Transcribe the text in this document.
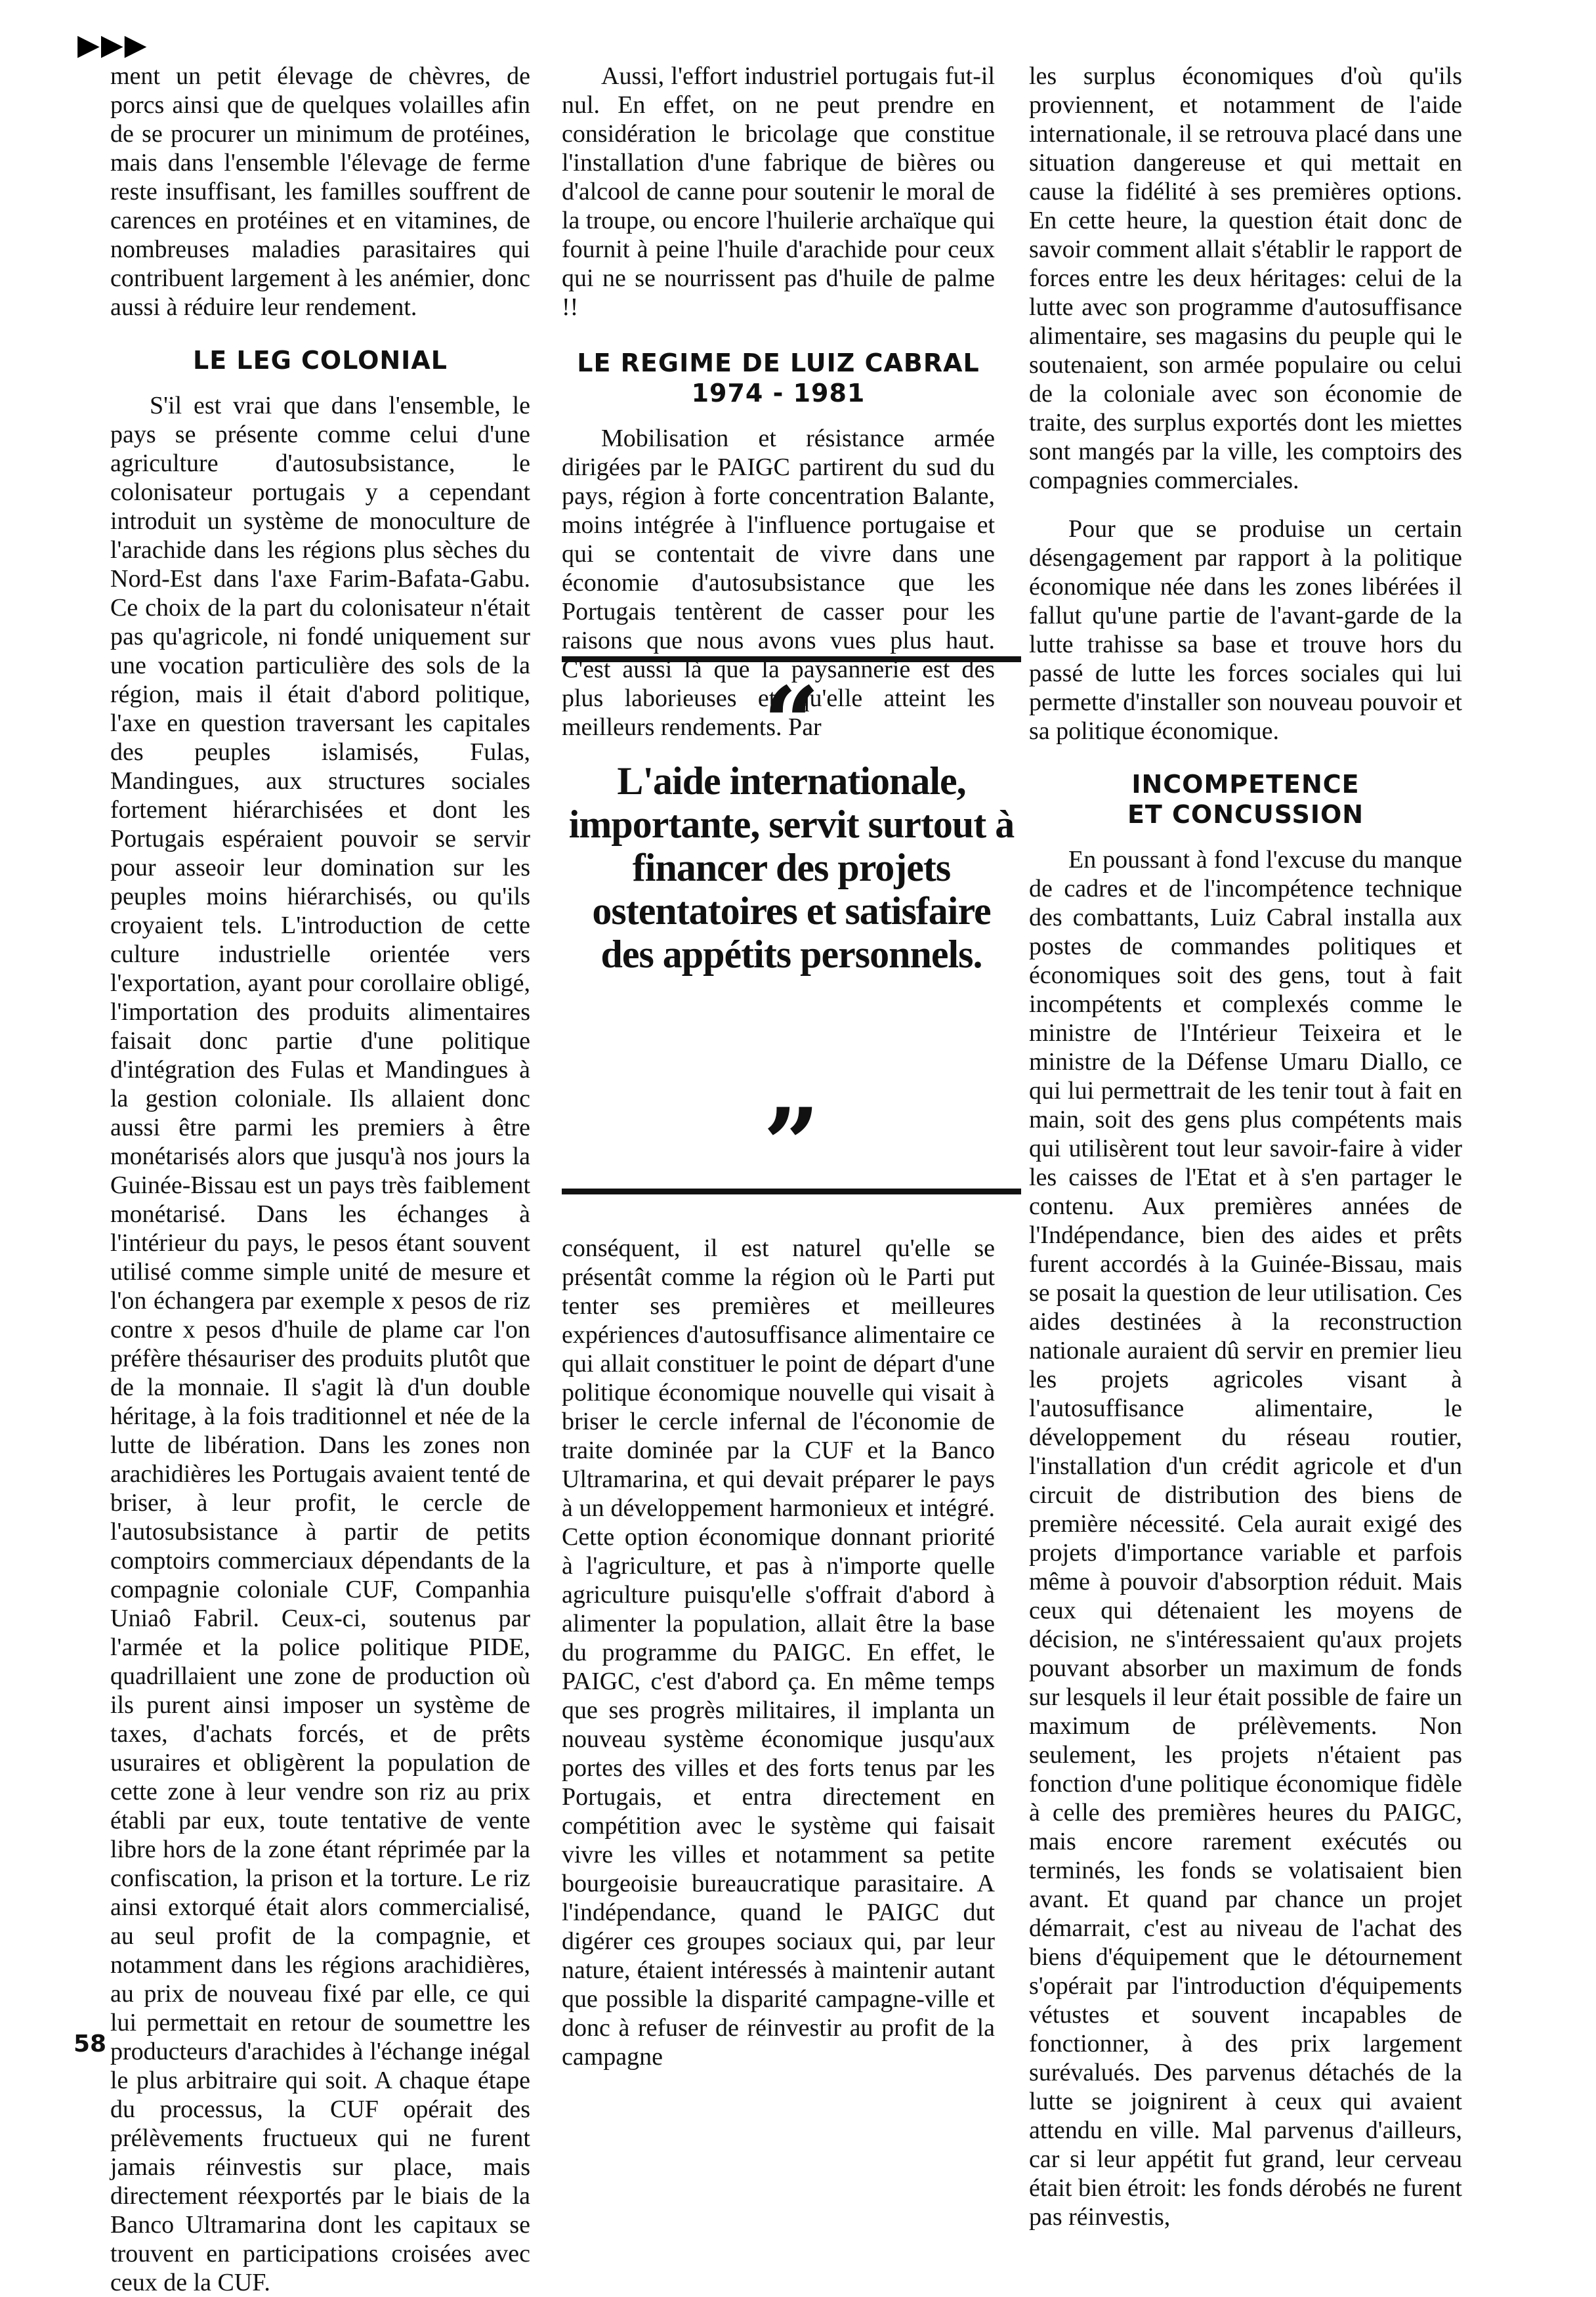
▶▶▶

ment un petit élevage de chèvres, de porcs ainsi que de quelques volailles afin de se procurer un minimum de protéines, mais dans l'ensemble l'élevage de ferme reste insuffisant, les familles souffrent de carences en protéines et en vitamines, de nombreuses maladies parasitaires qui contribuent largement à les anémier, donc aussi à réduire leur rendement.

LE LEG COLONIAL

S'il est vrai que dans l'ensemble, le pays se présente comme celui d'une agriculture d'autosubsistance, le colonisateur portugais y a cependant introduit un système de monoculture de l'arachide dans les régions plus sèches du Nord-Est dans l'axe Farim-Bafata-Gabu. Ce choix de la part du colonisateur n'était pas qu'agricole, ni fondé uniquement sur une vocation particulière des sols de la région, mais il était d'abord politique, l'axe en question traversant les capitales des peuples islamisés, Fulas, Mandingues, aux structures sociales fortement hiérarchisées et dont les Portugais espéraient pouvoir se servir pour asseoir leur domination sur les peuples moins hiérarchisés, ou qu'ils croyaient tels. L'introduction de cette culture industrielle orientée vers l'exportation, ayant pour corollaire obligé, l'importation des produits alimentaires faisait donc partie d'une politique d'intégration des Fulas et Mandingues à la gestion coloniale. Ils allaient donc aussi être parmi les premiers à être monétarisés alors que jusqu'à nos jours la Guinée-Bissau est un pays très faiblement monétarisé. Dans les échanges à l'intérieur du pays, le pesos étant souvent utilisé comme simple unité de mesure et l'on échangera par exemple x pesos de riz contre x pesos d'huile de plame car l'on préfère thésauriser des produits plutôt que de la monnaie. Il s'agit là d'un double héritage, à la fois traditionnel et née de la lutte de libération. Dans les zones non arachidières les Portugais avaient tenté de briser, à leur profit, le cercle de l'autosubsistance à partir de petits comptoirs commerciaux dépendants de la compagnie coloniale CUF, Companhia Uniaô Fabril. Ceux-ci, soutenus par l'armée et la police politique PIDE, quadrillaient une zone de production où ils purent ainsi imposer un système de taxes, d'achats forcés, et de prêts usuraires et obligèrent la population de cette zone à leur vendre son riz au prix établi par eux, toute tentative de vente libre hors de la zone étant réprimée par la confiscation, la prison et la torture. Le riz ainsi extorqué était alors commercialisé, au seul profit de la compagnie, et notamment dans les régions arachidières, au prix de nouveau fixé par elle, ce qui lui permettait en retour de soumettre les producteurs d'arachides à l'échange inégal le plus arbitraire qui soit. A chaque étape du processus, la CUF opérait des prélèvements fructueux qui ne furent jamais réinvestis sur place, mais directement réexportés par le biais de la Banco Ultramarina dont les capitaux se trouvent en participations croisées avec ceux de la CUF.

Aussi, l'effort industriel portugais fut-il nul. En effet, on ne peut prendre en considération le bricolage que constitue l'installation d'une fabrique de bières ou d'alcool de canne pour soutenir le moral de la troupe, ou encore l'huilerie archaïque qui fournit à peine l'huile d'arachide pour ceux qui ne se nourrissent pas d'huile de palme !!

LE REGIME DE LUIZ CABRAL
1974 - 1981

Mobilisation et résistance armée dirigées par le PAIGC partirent du sud du pays, région à forte concentration Balante, moins intégrée à l'influence portugaise et qui se contentait de vivre dans une économie d'autosubsistance que les Portugais tentèrent de casser pour les raisons que nous avons vues plus haut. C'est aussi là que la paysannerie est des plus laborieuses et qu'elle atteint les meilleurs rendements. Par

“
L'aide internationale, importante, servit surtout à financer des projets ostentatoires et satisfaire des appétits personnels.
”

conséquent, il est naturel qu'elle se présentât comme la région où le Parti put tenter ses premières et meilleures expériences d'autosuffisance alimentaire ce qui allait constituer le point de départ d'une politique économique nouvelle qui visait à briser le cercle infernal de l'économie de traite dominée par la CUF et la Banco Ultramarina, et qui devait préparer le pays à un développement harmonieux et intégré. Cette option économique donnant priorité à l'agriculture, et pas à n'importe quelle agriculture puisqu'elle s'offrait d'abord à alimenter la population, allait être la base du programme du PAIGC. En effet, le PAIGC, c'est d'abord ça. En même temps que ses progrès militaires, il implanta un nouveau système économique jusqu'aux portes des villes et des forts tenus par les Portugais, et entra directement en compétition avec le système qui faisait vivre les villes et notamment sa petite bourgeoisie bureaucratique parasitaire. A l'indépendance, quand le PAIGC dut digérer ces groupes sociaux qui, par leur nature, étaient intéressés à maintenir autant que possible la disparité campagne-ville et donc à refuser de réinvestir au profit de la campagne

les surplus économiques d'où qu'ils proviennent, et notamment de l'aide internationale, il se retrouva placé dans une situation dangereuse et qui mettait en cause la fidélité à ses premières options. En cette heure, la question était donc de savoir comment allait s'établir le rapport de forces entre les deux héritages: celui de la lutte avec son programme d'autosuffisance alimentaire, ses magasins du peuple qui le soutenaient, son armée populaire ou celui de la coloniale avec son économie de traite, des surplus exportés dont les miettes sont mangés par la ville, les comptoirs des compagnies commerciales.

Pour que se produise un certain désengagement par rapport à la politique économique née dans les zones libérées il fallut qu'une partie de l'avant-garde de la lutte trahisse sa base et trouve hors du passé de lutte les forces sociales qui lui permette d'installer son nouveau pouvoir et sa politique économique.

INCOMPETENCE
ET CONCUSSION

En poussant à fond l'excuse du manque de cadres et de l'incompétence technique des combattants, Luiz Cabral installa aux postes de commandes politiques et économiques soit des gens, tout à fait incompétents et complexés comme le ministre de l'Intérieur Teixeira et le ministre de la Défense Umaru Diallo, ce qui lui permettrait de les tenir tout à fait en main, soit des gens plus compétents mais qui utilisèrent tout leur savoir-faire à vider les caisses de l'Etat et à s'en partager le contenu. Aux premières années de l'Indépendance, bien des aides et prêts furent accordés à la Guinée-Bissau, mais se posait la question de leur utilisation. Ces aides destinées à la reconstruction nationale auraient dû servir en premier lieu les projets agricoles visant à l'autosuffisance alimentaire, le développement du réseau routier, l'installation d'un crédit agricole et d'un circuit de distribution des biens de première nécessité. Cela aurait exigé des projets d'importance variable et parfois même à pouvoir d'absorption réduit. Mais ceux qui détenaient les moyens de décision, ne s'intéressaient qu'aux projets pouvant absorber un maximum de fonds sur lesquels il leur était possible de faire un maximum de prélèvements. Non seulement, les projets n'étaient pas fonction d'une politique économique fidèle à celle des premières heures du PAIGC, mais encore rarement exécutés ou terminés, les fonds se volatisaient bien avant. Et quand par chance un projet démarrait, c'est au niveau de l'achat des biens d'équipement que le détournement s'opérait par l'introduction d'équipements vétustes et souvent incapables de fonctionner, à des prix largement surévalués. Des parvenus détachés de la lutte se joignirent à ceux qui avaient attendu en ville. Mal parvenus d'ailleurs, car si leur appétit fut grand, leur cerveau était bien étroit: les fonds dérobés ne furent pas réinvestis,

58
